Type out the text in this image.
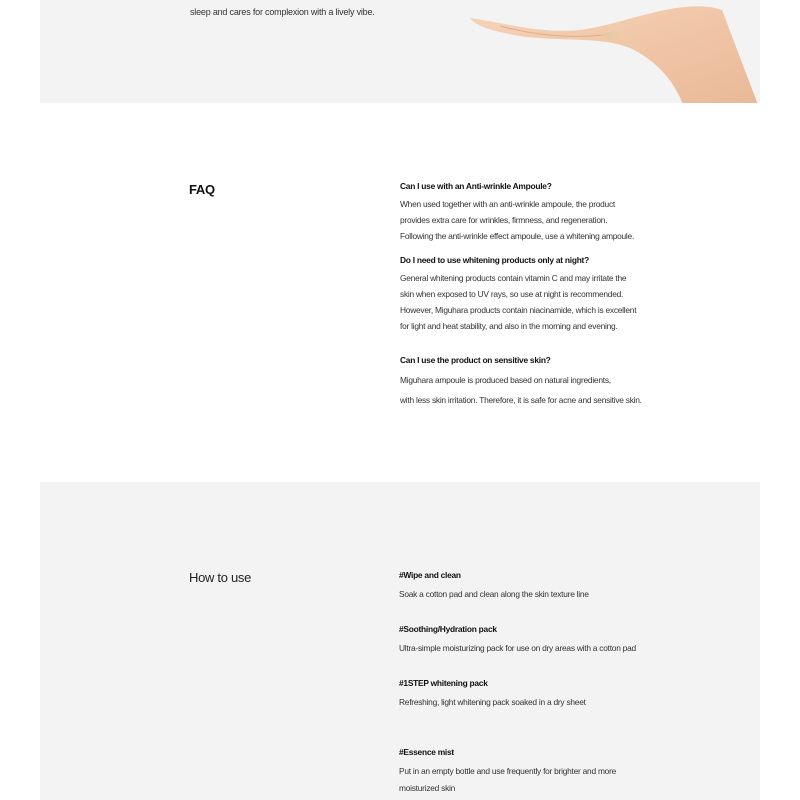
sleep and cares for complexion with a lively vibe.
FAQ	Can I use with an Anti-wrinkle Ampoule?

When used together with an anti-wrinkle ampoule, the product
provides extra care for wrinkles, firmness, and regeneration.
Following the anti-wrinkle effect ampoule, use a whitening ampoule.

Do I need to use whitening products only at night?

General whitening products contain vitamin C and may irritate the
skin when exposed to UV rays, so use at night is recommended.
However, Miguhara products contain niacinamide, which is excellent
for light and heat stability, and also in the morning and evening.

Can I use the product on sensitive skin?

Miguhara ampoule is produced based on natural ingredients,
with less skin irritation. Therefore, it is safe for acne and sensitive skin.

How to use	#Wipe and clean

Soak a cotton pad and clean along the skin texture line

#Soothing/Hydration pack

Ultra-simple moisturizing pack for use on dry areas with a cotton pad

#1STEP whitening pack

Refreshing, light whitening pack soaked in a dry sheet

#Essence mist

Put in an empty bottle and use frequently for brighter and more
moisturized skin
